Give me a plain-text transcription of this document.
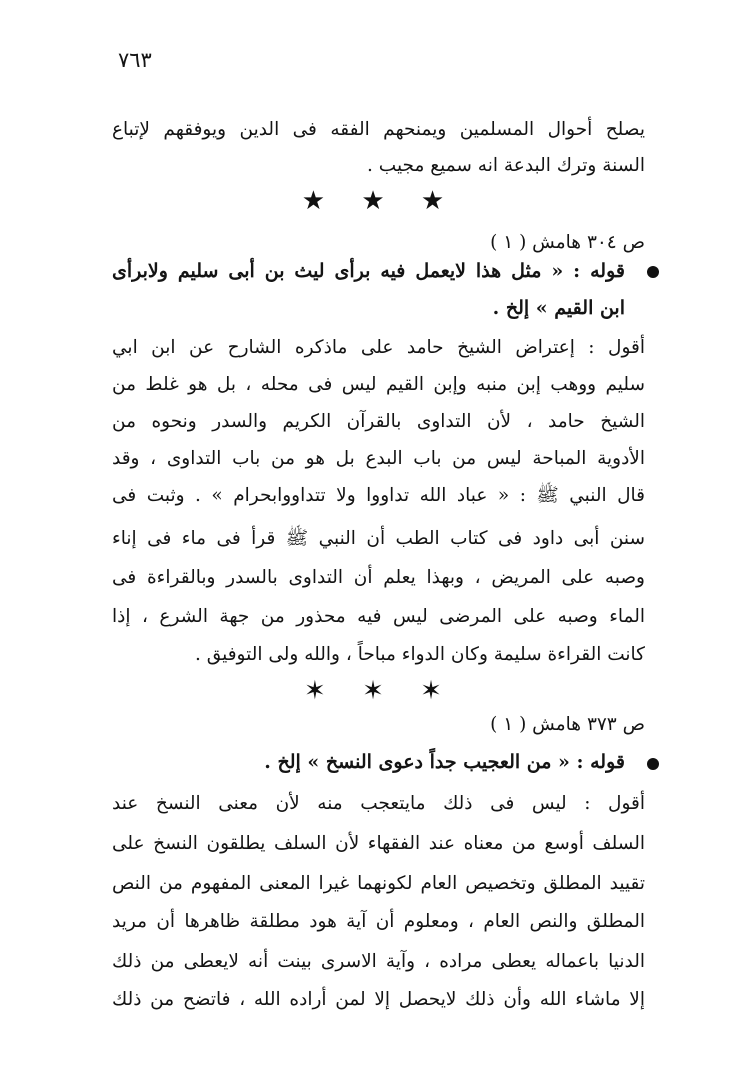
٧٦٣
يصلح أحوال المسلمين ويمنحهم الفقه فى الدين ويوفقهم لإتباع
السنة وترك البدعة انه سميع مجيب .
★ ★ ★
ص ٣٠٤ هامش ( ١ )
قوله : « مثل هذا لايعمل فيه برأى ليث بن أبى سليم ولابرأى
ابن القيم » إلخ .
أقول : إعتراض الشيخ حامد على ماذكره الشارح عن ابن ابي
سليم ووهب إبن منبه وإبن القيم ليس فى محله ، بل هو غلط من
الشيخ حامد ، لأن التداوى بالقرآن الكريم والسدر ونحوه من
الأدوية المباحة ليس من باب البدع بل هو من باب التداوى ، وقد
قال النبي ﷺ : « عباد الله تداووا ولا تتداووابحرام » . وثبت فى
سنن أبى داود فى كتاب الطب أن النبي ﷺ قرأ فى ماء فى إناء
وصبه على المريض ، وبهذا يعلم أن التداوى بالسدر وبالقراءة فى
الماء وصبه على المرضى ليس فيه محذور من جهة الشرع ، إذا
كانت القراءة سليمة وكان الدواء مباحاً ، والله ولى التوفيق .
✶ ✶ ✶
ص ٣٧٣ هامش ( ١ )
قوله : « من العجيب جداً دعوى النسخ » إلخ .
أقول : ليس فى ذلك مايتعجب منه لأن معنى النسخ عند
السلف أوسع من معناه عند الفقهاء لأن السلف يطلقون النسخ على
تقييد المطلق وتخصيص العام لكونهما غيرا المعنى المفهوم من النص
المطلق والنص العام ، ومعلوم أن آية هود مطلقة ظاهرها أن مريد
الدنيا باعماله يعطى مراده ، وآية الاسرى بينت أنه لايعطى من ذلك
إلا ماشاء الله وأن ذلك لايحصل إلا لمن أراده الله ، فاتضح من ذلك
